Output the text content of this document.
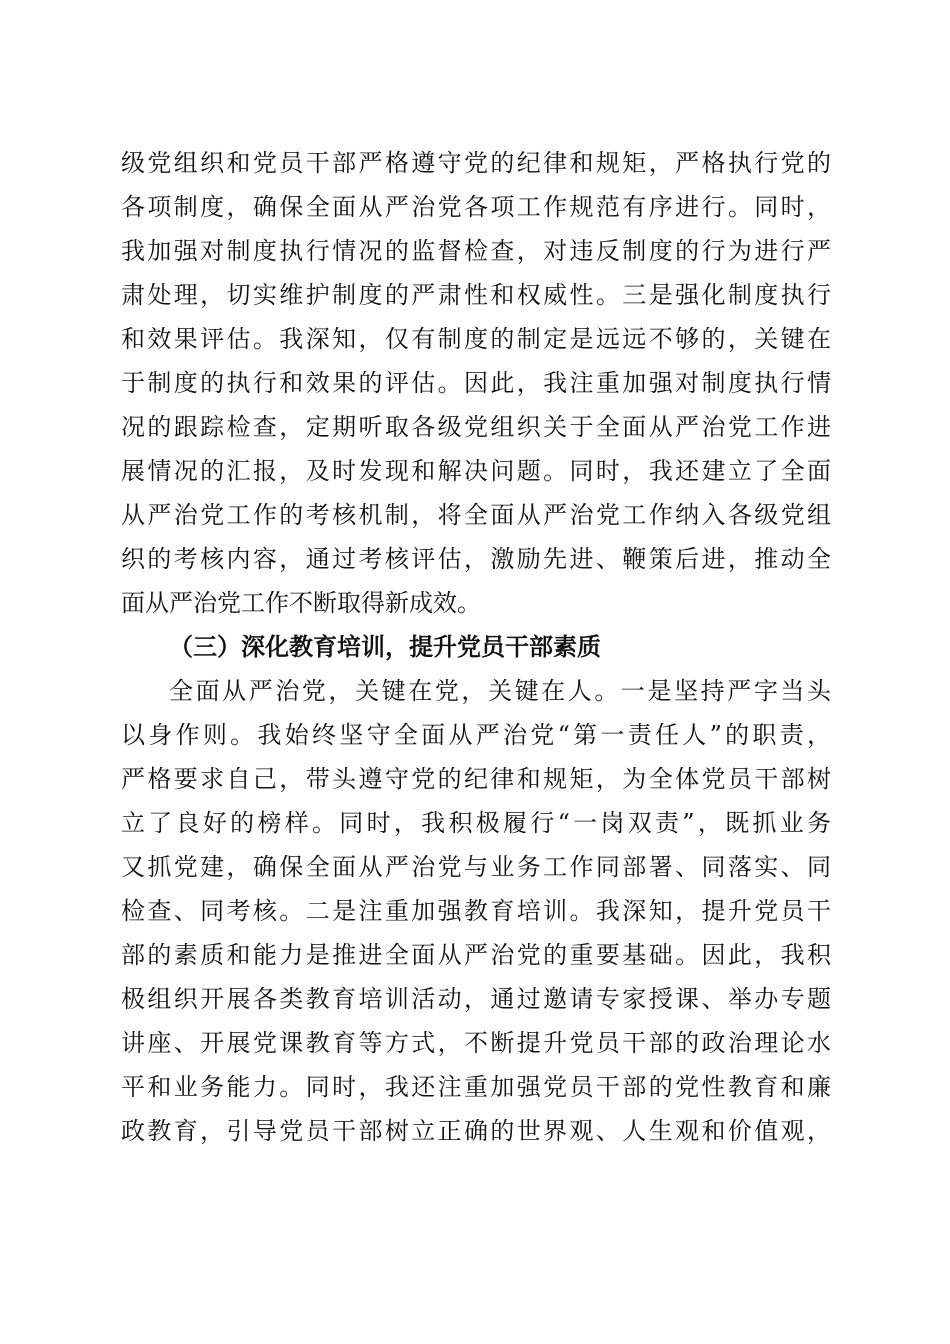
级党组织和党员干部严格遵守党的纪律和规矩，严格执行党的
各项制度，确保全面从严治党各项工作规范有序进行。同时，
我加强对制度执行情况的监督检查，对违反制度的行为进行严
肃处理，切实维护制度的严肃性和权威性。三是强化制度执行
和效果评估。我深知，仅有制度的制定是远远不够的，关键在
于制度的执行和效果的评估。因此，我注重加强对制度执行情
况的跟踪检查，定期听取各级党组织关于全面从严治党工作进
展情况的汇报，及时发现和解决问题。同时，我还建立了全面
从严治党工作的考核机制，将全面从严治党工作纳入各级党组
织的考核内容，通过考核评估，激励先进、鞭策后进，推动全
面从严治党工作不断取得新成效。
（三）深化教育培训，提升党员干部素质
全面从严治党，关键在党，关键在人。一是坚持严字当头
以身作则。我始终坚守全面从严治党“第一责任人”的职责，
严格要求自己，带头遵守党的纪律和规矩，为全体党员干部树
立了良好的榜样。同时，我积极履行“一岗双责”，既抓业务
又抓党建，确保全面从严治党与业务工作同部署、同落实、同
检查、同考核。二是注重加强教育培训。我深知，提升党员干
部的素质和能力是推进全面从严治党的重要基础。因此，我积
极组织开展各类教育培训活动，通过邀请专家授课、举办专题
讲座、开展党课教育等方式，不断提升党员干部的政治理论水
平和业务能力。同时，我还注重加强党员干部的党性教育和廉
政教育，引导党员干部树立正确的世界观、人生观和价值观，
